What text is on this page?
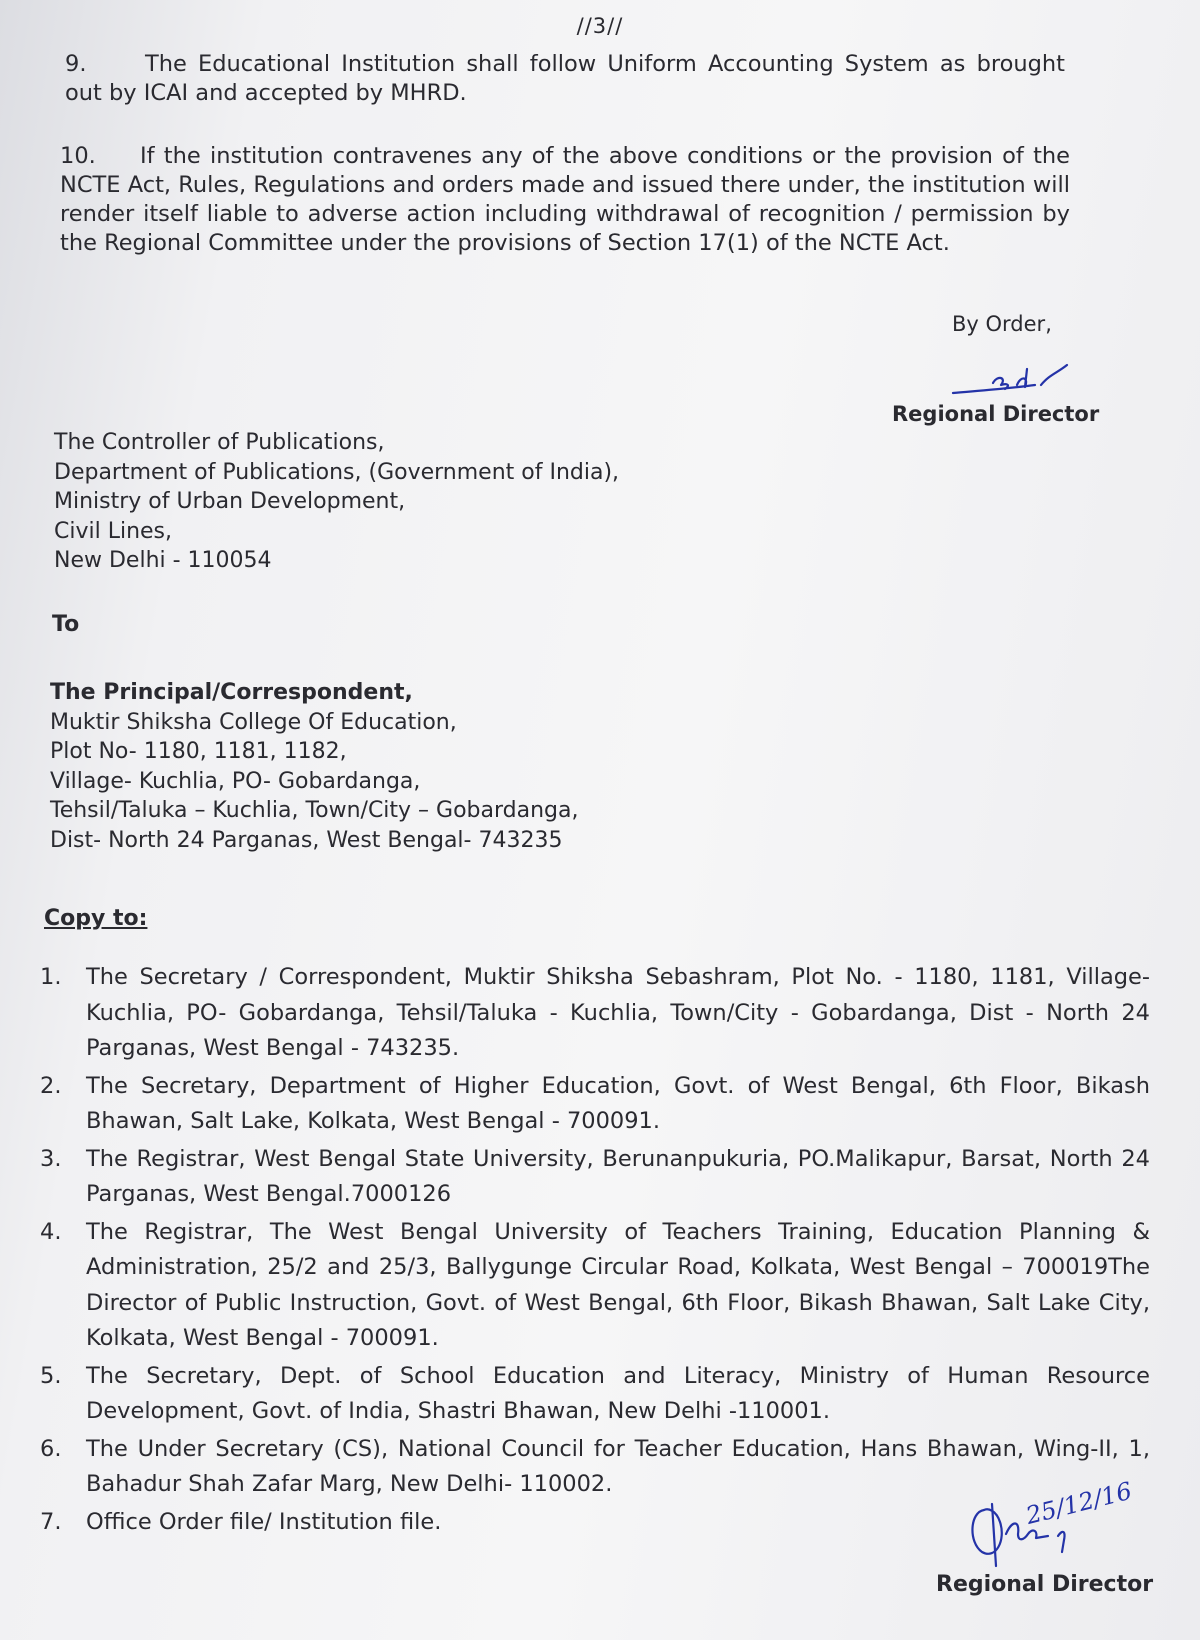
//3//
9.	The Educational Institution shall follow Uniform Accounting System as brought out by ICAI and accepted by MHRD.
10. If the institution contravenes any of the above conditions or the provision of the NCTE Act, Rules, Regulations and orders made and issued there under, the institution will render itself liable to adverse action including withdrawal of recognition / permission by the Regional Committee under the provisions of Section 17(1) of the NCTE Act.
By Order,
Regional Director
The Controller of Publications,
Department of Publications, (Government of India),
Ministry of Urban Development,
Civil Lines,
New Delhi - 110054
To
The Principal/Correspondent,
Muktir Shiksha College Of Education,
Plot No- 1180, 1181, 1182,
Village- Kuchlia, PO- Gobardanga,
Tehsil/Taluka – Kuchlia, Town/City – Gobardanga,
Dist- North 24 Parganas, West Bengal- 743235
Copy to:
1.	The Secretary / Correspondent, Muktir Shiksha Sebashram, Plot No. - 1180, 1181, Village- Kuchlia, PO- Gobardanga, Tehsil/Taluka - Kuchlia, Town/City - Gobardanga, Dist - North 24 Parganas, West Bengal - 743235.
2.	The Secretary, Department of Higher Education, Govt. of West Bengal, 6th Floor, Bikash Bhawan, Salt Lake, Kolkata, West Bengal - 700091.
3.	The Registrar, West Bengal State University, Berunanpukuria, PO.Malikapur, Barsat, North 24 Parganas, West Bengal.7000126
4.	The Registrar, The West Bengal University of Teachers Training, Education Planning & Administration, 25/2 and 25/3, Ballygunge Circular Road, Kolkata, West Bengal – 700019The Director of Public Instruction, Govt. of West Bengal, 6th Floor, Bikash Bhawan, Salt Lake City, Kolkata, West Bengal - 700091.
5.	The Secretary, Dept. of School Education and Literacy, Ministry of Human Resource Development, Govt. of India, Shastri Bhawan, New Delhi -110001.
6.	The Under Secretary (CS), National Council for Teacher Education, Hans Bhawan, Wing-II, 1, Bahadur Shah Zafar Marg, New Delhi- 110002.
7.	Office Order file/ Institution file.	25/12/16
Regional Director
